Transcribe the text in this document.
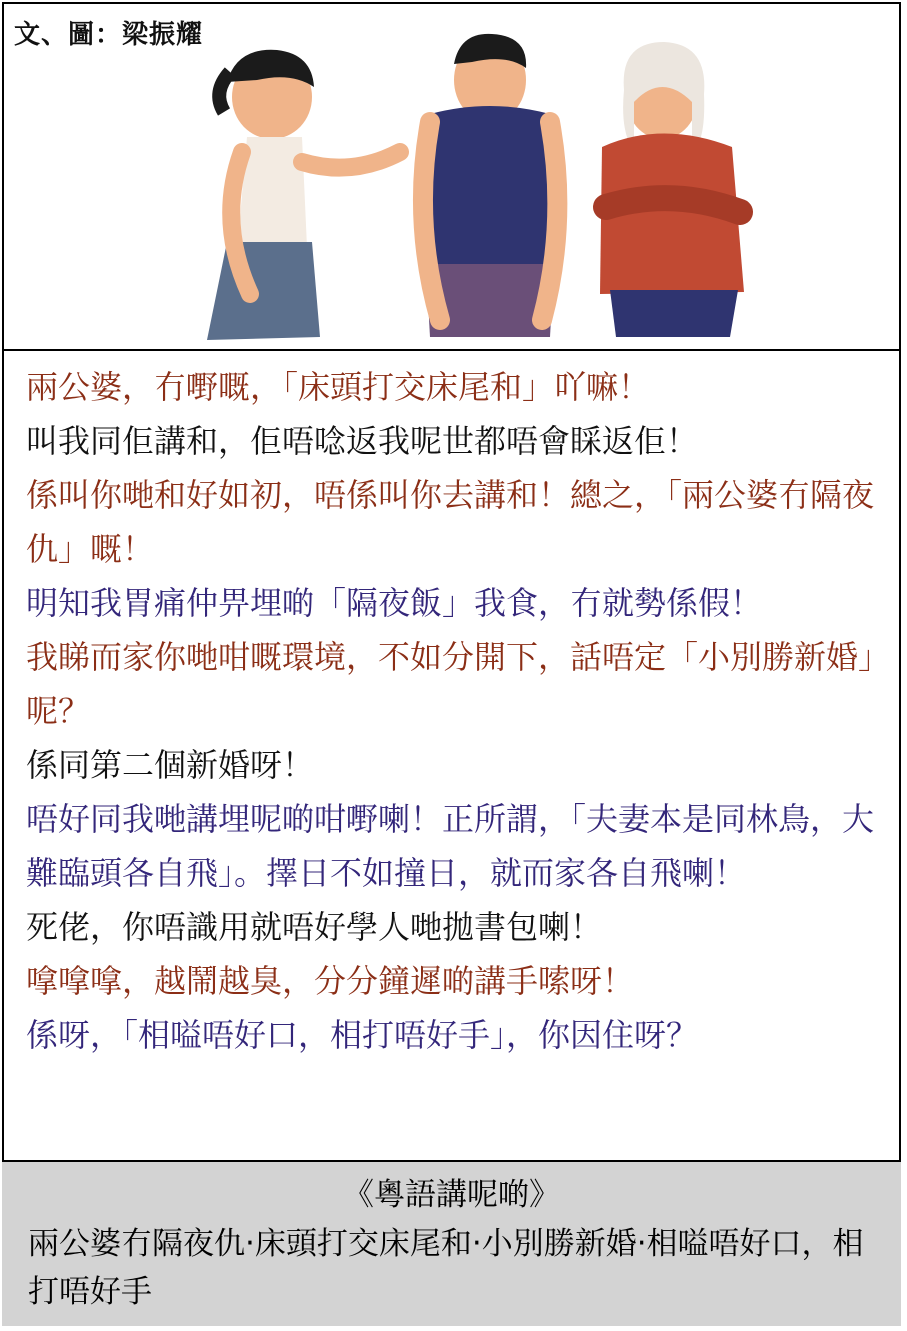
文、圖：梁振耀
兩公婆，冇嘢嘅，「床頭打交床尾和」吖嘛！
叫我同佢講和，佢唔唸返我呢世都唔會睬返佢！
係叫你哋和好如初，唔係叫你去講和！總之，「兩公婆冇隔夜仇」嘅！
明知我胃痛仲畀埋啲「隔夜飯」我食，冇就勢係假！
我睇而家你哋咁嘅環境，不如分開下，話唔定「小別勝新婚」呢？
係同第二個新婚呀！
唔好同我哋講埋呢啲咁嘢喇！正所謂，「夫妻本是同林鳥，大難臨頭各自飛」。擇日不如撞日，就而家各自飛喇！
死佬，你唔識用就唔好學人哋拋書包喇！
嗱嗱嗱，越鬧越臭，分分鐘遲啲講手嗦呀！
係呀，「相嗌唔好口，相打唔好手」，你因住呀？
《粵語講呢啲》
兩公婆冇隔夜仇‧床頭打交床尾和‧小別勝新婚‧相嗌唔好口，相打唔好手
